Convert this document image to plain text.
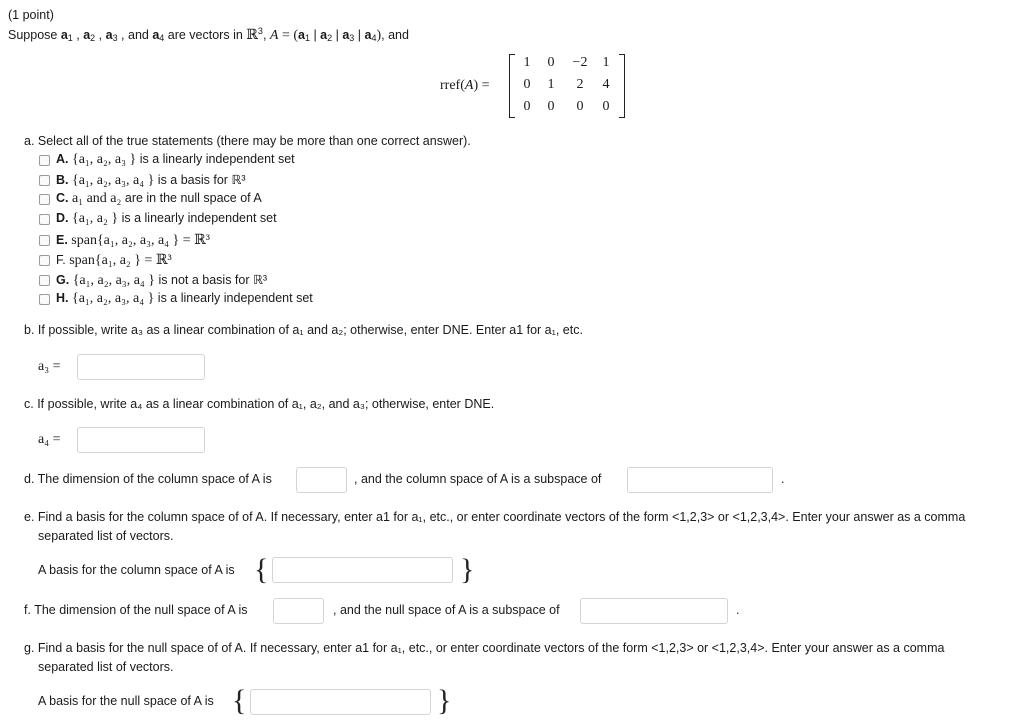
(1 point)
Suppose $a_1$ , $a_2$ , $a_3$ , and $a_4$ are vectors in ℝ$^3$, $A = (a_1$ | $a_2$ | $a_3$ | $a_4$), and
rref(A) =
1	0	−2	1
0	1	2	4
0	0	0	0
a. Select all of the true statements (there may be more than one correct answer).
A. {a₁, a₂, a₃ } is a linearly independent set
B. {a₁, a₂, a₃, a₄ } is a basis for ℝ³
C. a₁ and a₂ are in the null space of A
D. {a₁, a₂ } is a linearly independent set
E. span{a₁, a₂, a₃, a₄ } = ℝ³
F. span{a₁, a₂ } = ℝ³
G. {a₁, a₂, a₃, a₄ } is not a basis for ℝ³
H. {a₁, a₂, a₃, a₄ } is a linearly independent set
b. If possible, write a₃ as a linear combination of a₁ and a₂; otherwise, enter DNE. Enter a1 for a₁, etc.
a₃ =
c. If possible, write a₄ as a linear combination of a₁, a₂, and a₃; otherwise, enter DNE.
a₄ =
d. The dimension of the column space of A is	, and the column space of A is a subspace of	.
e. Find a basis for the column space of of A. If necessary, enter a1 for a₁, etc., or enter coordinate vectors of the form <1,2,3> or <1,2,3,4>. Enter your answer as a comma
separated list of vectors.
A basis for the column space of A is {	}
f. The dimension of the null space of A is	, and the null space of A is a subspace of	.
g. Find a basis for the null space of of A. If necessary, enter a1 for a₁, etc., or enter coordinate vectors of the form <1,2,3> or <1,2,3,4>. Enter your answer as a comma
separated list of vectors.
A basis for the null space of A is {	}
